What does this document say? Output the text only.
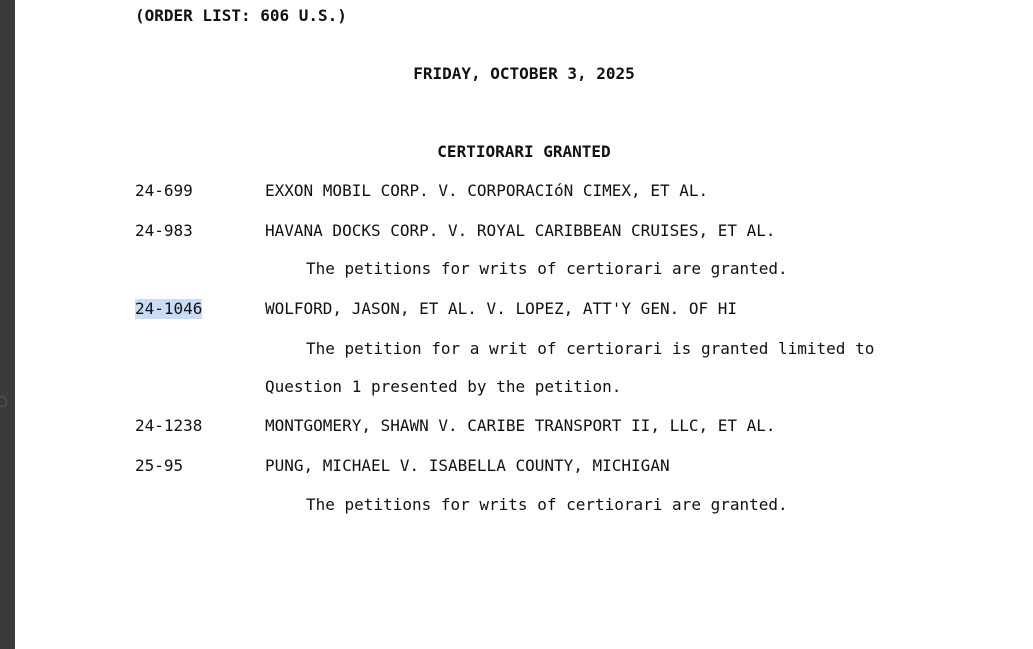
(ORDER LIST: 606 U.S.)
FRIDAY, OCTOBER 3, 2025
CERTIORARI GRANTED
24-699	EXXON MOBIL CORP. V. CORPORACIóN CIMEX, ET AL.
24-983	HAVANA DOCKS CORP. V. ROYAL CARIBBEAN CRUISES, ET AL.
The petitions for writs of certiorari are granted.
24-1046	WOLFORD, JASON, ET AL. V. LOPEZ, ATT'Y GEN. OF HI
The petition for a writ of certiorari is granted limited to
Question 1 presented by the petition.
24-1238	MONTGOMERY, SHAWN V. CARIBE TRANSPORT II, LLC, ET AL.
25-95	PUNG, MICHAEL V. ISABELLA COUNTY, MICHIGAN
The petitions for writs of certiorari are granted.
